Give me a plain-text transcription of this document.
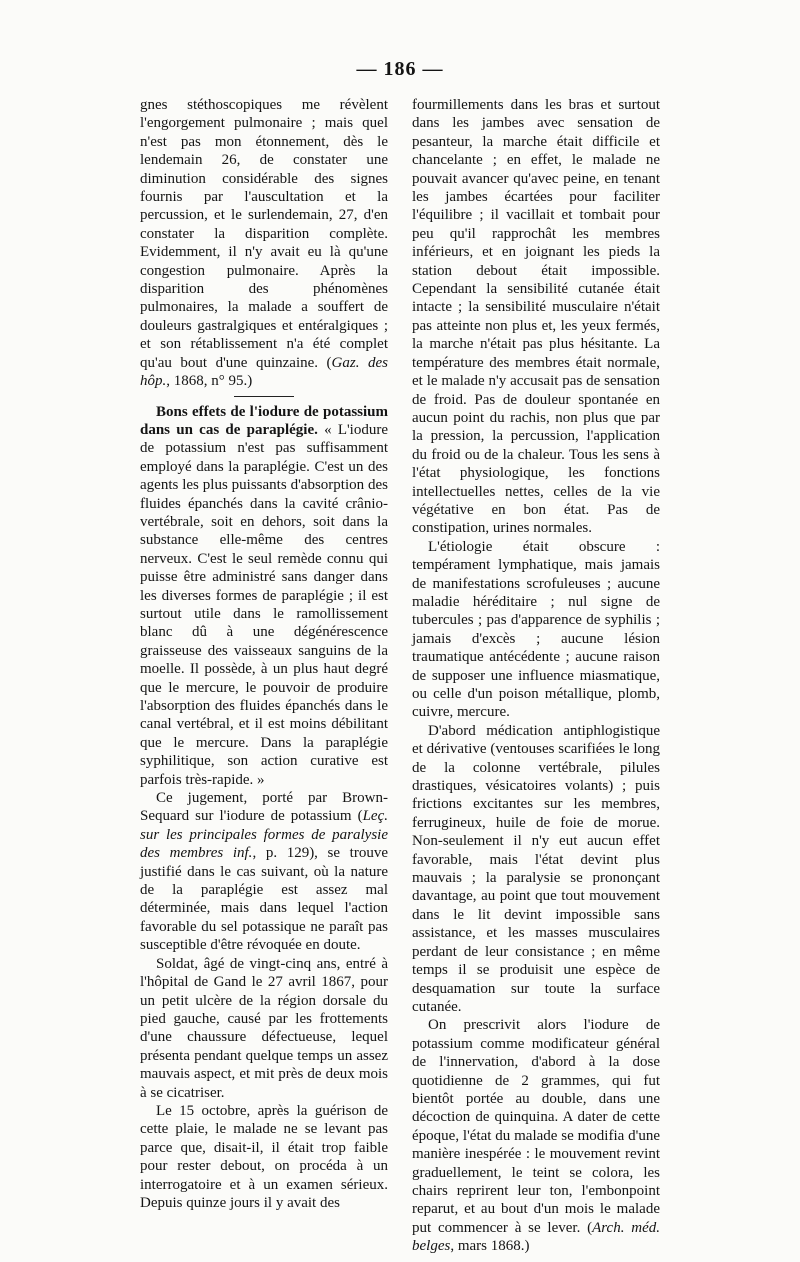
— 186 —

gnes stéthoscopiques me révèlent l'engorgement pulmonaire ; mais quel n'est pas mon étonnement, dès le lendemain 26, de constater une diminution considérable des signes fournis par l'auscultation et la percussion, et le surlendemain, 27, d'en constater la disparition complète. Evidemment, il n'y avait eu là qu'une congestion pulmonaire. Après la disparition des phénomènes pulmonaires, la malade a souffert de douleurs gastralgiques et entéralgiques ; et son rétablissement n'a été complet qu'au bout d'une quinzaine. (Gaz. des hôp., 1868, n° 95.)

Bons effets de l'iodure de potassium dans un cas de paraplégie. « L'iodure de potassium n'est pas suffisamment employé dans la paraplégie. C'est un des agents les plus puissants d'absorption des fluides épanchés dans la cavité crânio-vertébrale, soit en dehors, soit dans la substance elle-même des centres nerveux. C'est le seul remède connu qui puisse être administré sans danger dans les diverses formes de paraplégie ; il est surtout utile dans le ramollissement blanc dû à une dégénérescence graisseuse des vaisseaux sanguins de la moelle. Il possède, à un plus haut degré que le mercure, le pouvoir de produire l'absorption des fluides épanchés dans le canal vertébral, et il est moins débilitant que le mercure. Dans la paraplégie syphilitique, son action curative est parfois très-rapide. »

Ce jugement, porté par Brown-Sequard sur l'iodure de potassium (Leç. sur les principales formes de paralysie des membres inf., p. 129), se trouve justifié dans le cas suivant, où la nature de la paraplégie est assez mal déterminée, mais dans lequel l'action favorable du sel potassique ne paraît pas susceptible d'être révoquée en doute.

Soldat, âgé de vingt-cinq ans, entré à l'hôpital de Gand le 27 avril 1867, pour un petit ulcère de la région dorsale du pied gauche, causé par les frottements d'une chaussure défectueuse, lequel présenta pendant quelque temps un assez mauvais aspect, et mit près de deux mois à se cicatriser.

Le 15 octobre, après la guérison de cette plaie, le malade ne se levant pas parce que, disait-il, il était trop faible pour rester debout, on procéda à un interrogatoire et à un examen sérieux. Depuis quinze jours il y avait des

fourmillements dans les bras et surtout dans les jambes avec sensation de pesanteur, la marche était difficile et chancelante ; en effet, le malade ne pouvait avancer qu'avec peine, en tenant les jambes écartées pour faciliter l'équilibre ; il vacillait et tombait pour peu qu'il rapprochât les membres inférieurs, et en joignant les pieds la station debout était impossible. Cependant la sensibilité cutanée était intacte ; la sensibilité musculaire n'était pas atteinte non plus et, les yeux fermés, la marche n'était pas plus hésitante. La température des membres était normale, et le malade n'y accusait pas de sensation de froid. Pas de douleur spontanée en aucun point du rachis, non plus que par la pression, la percussion, l'application du froid ou de la chaleur. Tous les sens à l'état physiologique, les fonctions intellectuelles nettes, celles de la vie végétative en bon état. Pas de constipation, urines normales.

L'étiologie était obscure : tempérament lymphatique, mais jamais de manifestations scrofuleuses ; aucune maladie héréditaire ; nul signe de tubercules ; pas d'apparence de syphilis ; jamais d'excès ; aucune lésion traumatique antécédente ; aucune raison de supposer une influence miasmatique, ou celle d'un poison métallique, plomb, cuivre, mercure.

D'abord médication antiphlogistique et dérivative (ventouses scarifiées le long de la colonne vertébrale, pilules drastiques, vésicatoires volants) ; puis frictions excitantes sur les membres, ferrugineux, huile de foie de morue. Non-seulement il n'y eut aucun effet favorable, mais l'état devint plus mauvais ; la paralysie se prononçant davantage, au point que tout mouvement dans le lit devint impossible sans assistance, et les masses musculaires perdant de leur consistance ; en même temps il se produisit une espèce de desquamation sur toute la surface cutanée.

On prescrivit alors l'iodure de potassium comme modificateur général de l'innervation, d'abord à la dose quotidienne de 2 grammes, qui fut bientôt portée au double, dans une décoction de quinquina. A dater de cette époque, l'état du malade se modifia d'une manière inespérée : le mouvement revint graduellement, le teint se colora, les chairs reprirent leur ton, l'embonpoint reparut, et au bout d'un mois le malade put commencer à se lever. (Arch. méd. belges, mars 1868.)
